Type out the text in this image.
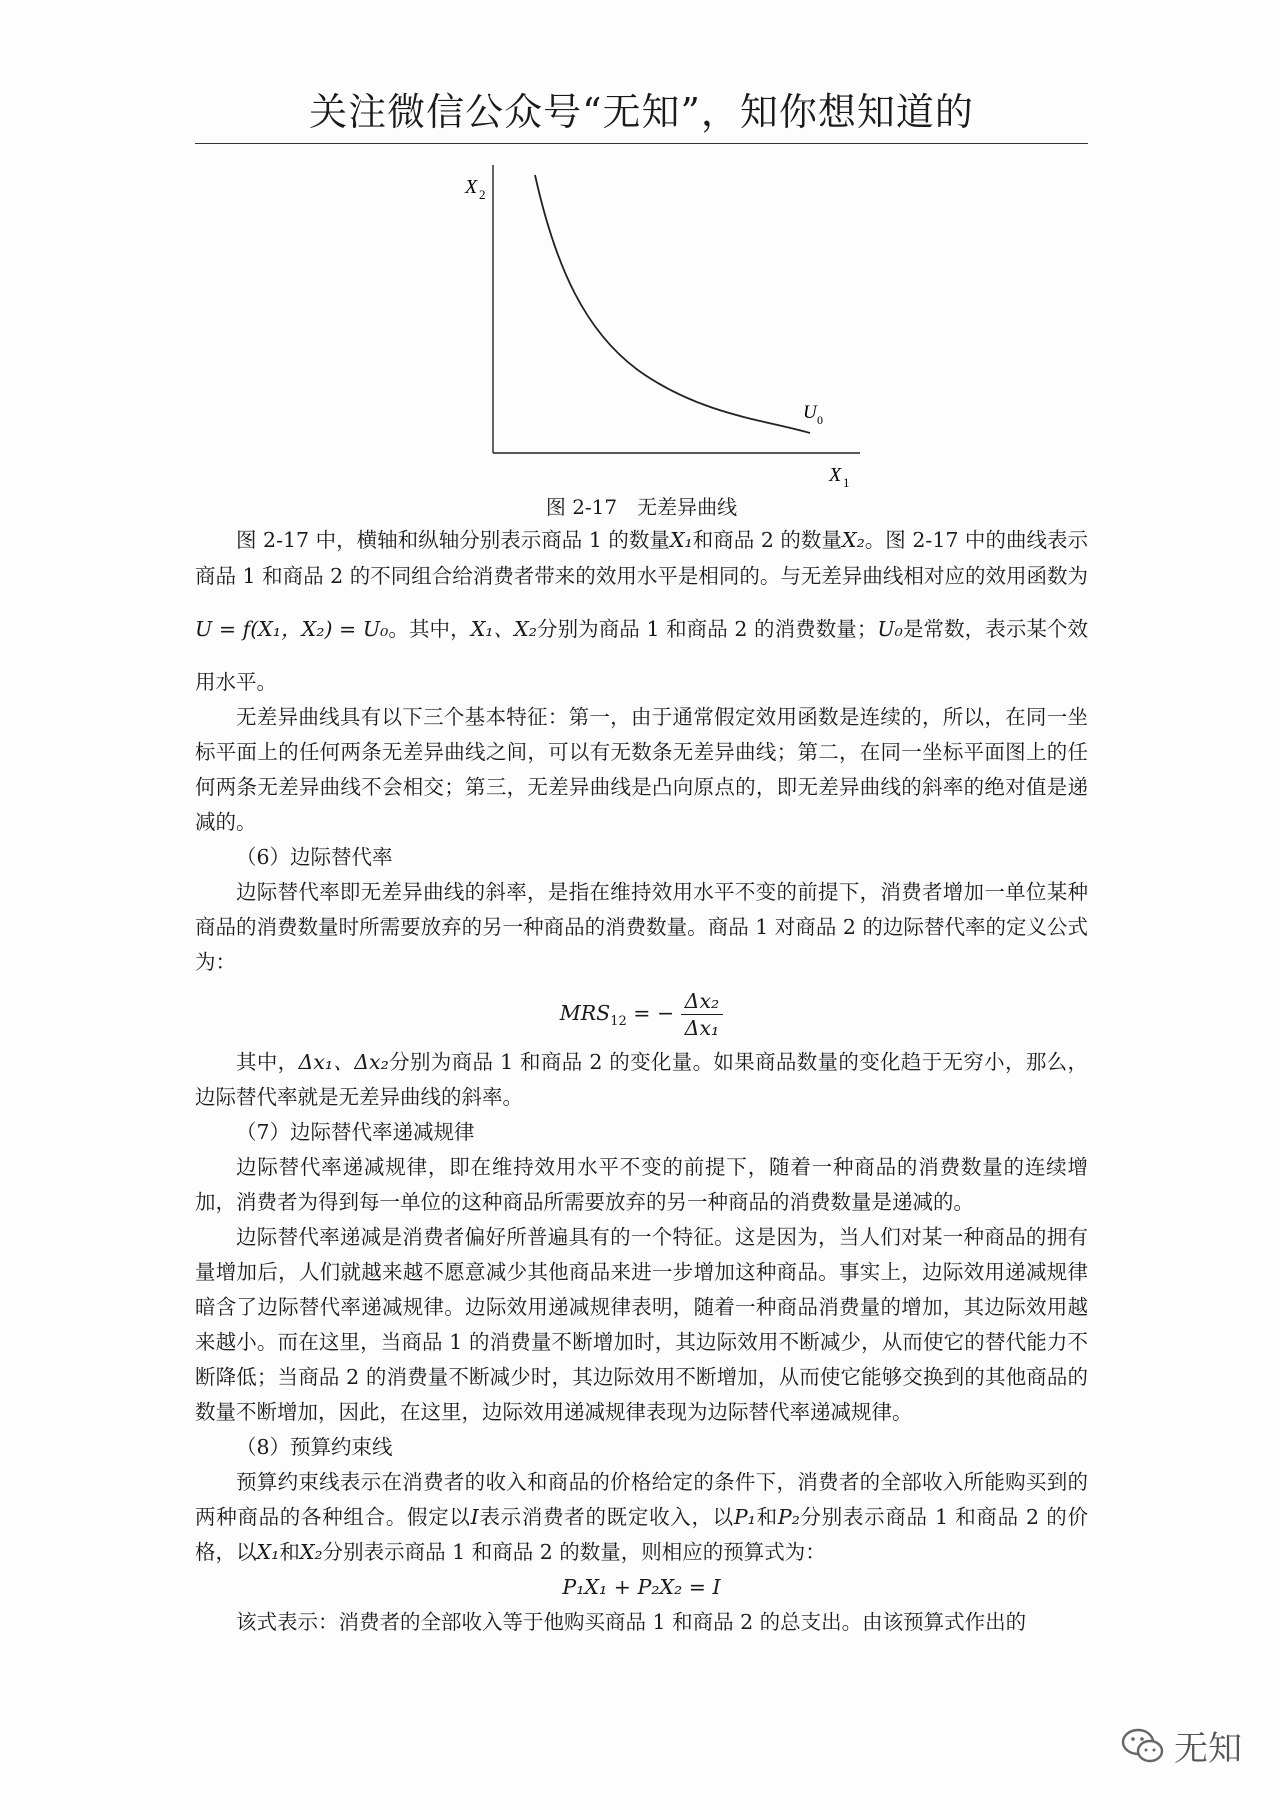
关注微信公众号“无知”，知你想知道的
X 2
X 1
U 0
图 2-17　无差异曲线

图 2-17 中，横轴和纵轴分别表示商品 1 的数量X₁和商品 2 的数量X₂。图 2-17 中的曲线表示商品 1 和商品 2 的不同组合给消费者带来的效用水平是相同的。与无差异曲线相对应的效用函数为U = f(X₁，X₂) = U₀。其中，X₁、X₂分别为商品 1 和商品 2 的消费数量；U₀是常数，表示某个效用水平。

无差异曲线具有以下三个基本特征：第一，由于通常假定效用函数是连续的，所以，在同一坐标平面上的任何两条无差异曲线之间，可以有无数条无差异曲线；第二，在同一坐标平面图上的任何两条无差异曲线不会相交；第三，无差异曲线是凸向原点的，即无差异曲线的斜率的绝对值是递减的。

（6）边际替代率

边际替代率即无差异曲线的斜率，是指在维持效用水平不变的前提下，消费者增加一单位某种商品的消费数量时所需要放弃的另一种商品的消费数量。商品 1 对商品 2 的边际替代率的定义公式为：

$MRS_{12}$ = − $\frac{\text{Δx₂}}{\text{Δx₁}}$

其中，Δx₁、Δx₂分别为商品 1 和商品 2 的变化量。如果商品数量的变化趋于无穷小，那么，边际替代率就是无差异曲线的斜率。

（7）边际替代率递减规律

边际替代率递减规律，即在维持效用水平不变的前提下，随着一种商品的消费数量的连续增加，消费者为得到每一单位的这种商品所需要放弃的另一种商品的消费数量是递减的。

边际替代率递减是消费者偏好所普遍具有的一个特征。这是因为，当人们对某一种商品的拥有量增加后，人们就越来越不愿意减少其他商品来进一步增加这种商品。事实上，边际效用递减规律暗含了边际替代率递减规律。边际效用递减规律表明，随着一种商品消费量的增加，其边际效用越来越小。而在这里，当商品 1 的消费量不断增加时，其边际效用不断减少，从而使它的替代能力不断降低；当商品 2 的消费量不断减少时，其边际效用不断增加，从而使它能够交换到的其他商品的数量不断增加，因此，在这里，边际效用递减规律表现为边际替代率递减规律。

（8）预算约束线

预算约束线表示在消费者的收入和商品的价格给定的条件下，消费者的全部收入所能购买到的两种商品的各种组合。假定以I表示消费者的既定收入，以P₁和P₂分别表示商品 1 和商品 2 的价格，以X₁和X₂分别表示商品 1 和商品 2 的数量，则相应的预算式为：

P₁X₁ + P₂X₂ = I

该式表示：消费者的全部收入等于他购买商品 1 和商品 2 的总支出。由该预算式作出的

无知
